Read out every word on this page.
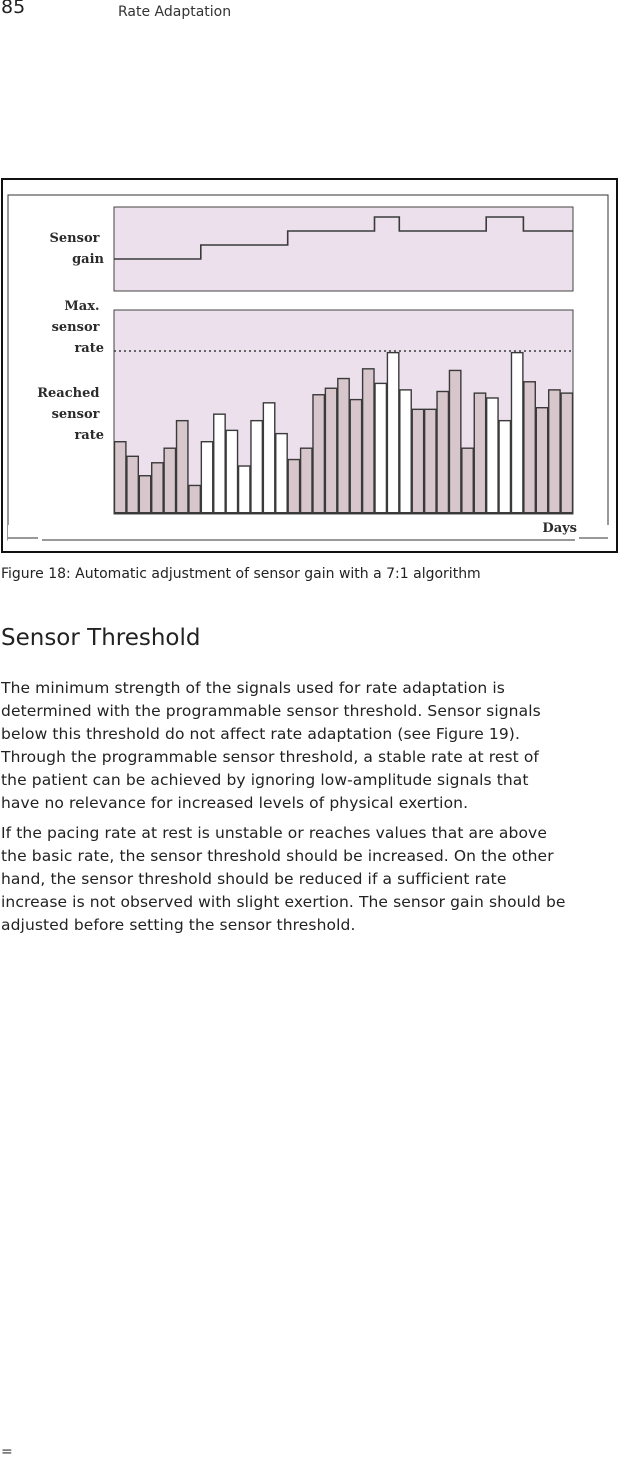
85	Rate Adaptation
Sensor gain
Max. sensor rate
Reached sensor rate
Days
Figure 18: Automatic adjustment of sensor gain with a 7:1 algorithm
Sensor Threshold

The minimum strength of the signals used for rate adaptation is
determined with the programmable sensor threshold. Sensor signals
below this threshold do not affect rate adaptation (see Figure 19).
Through the programmable sensor threshold, a stable rate at rest of
the patient can be achieved by ignoring low-amplitude signals that
have no relevance for increased levels of physical exertion.

If the pacing rate at rest is unstable or reaches values that are above
the basic rate, the sensor threshold should be increased. On the other
hand, the sensor threshold should be reduced if a sufficient rate
increase is not observed with slight exertion. The sensor gain should be
adjusted before setting the sensor threshold.

=
